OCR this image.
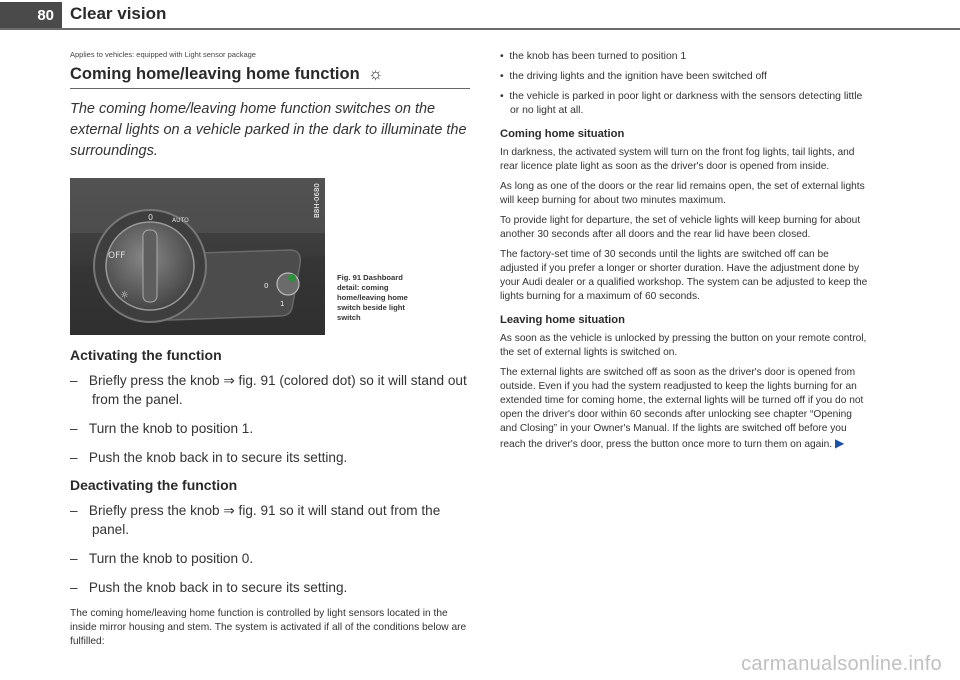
80 Clear vision
Applies to vehicles: equipped with Light sensor package
Coming home/leaving home function ☼
The coming home/leaving home function switches on the external lights on a vehicle parked in the dark to illuminate the surroundings.
0	AUTO
OFF
☼
0
1
B8H-0680
Fig. 91 Dashboard detail: coming home/leaving home switch beside light switch
Activating the function
–   Briefly press the knob ⇒ fig. 91 (colored dot) so it will stand out from the panel.
–   Turn the knob to position 1.
–   Push the knob back in to secure its setting.
Deactivating the function
–   Briefly press the knob ⇒ fig. 91 so it will stand out from the panel.
–   Turn the knob to position 0.
–   Push the knob back in to secure its setting.
The coming home/leaving home function is controlled by light sensors located in the inside mirror housing and stem. The system is activated if all of the conditions below are fulfilled:
•  the knob has been turned to position 1
•  the driving lights and the ignition have been switched off
•  the vehicle is parked in poor light or darkness with the sensors detecting little or no light at all.
Coming home situation
In darkness, the activated system will turn on the front fog lights, tail lights, and rear licence plate light as soon as the driver's door is opened from inside.
As long as one of the doors or the rear lid remains open, the set of external lights will keep burning for about two minutes maximum.
To provide light for departure, the set of vehicle lights will keep burning for about another 30 seconds after all doors and the rear lid have been closed.
The factory-set time of 30 seconds until the lights are switched off can be adjusted if you prefer a longer or shorter duration. Have the adjustment done by your Audi dealer or a qualified workshop. The system can be adjusted to keep the lights burning for a maximum of 60 seconds.
Leaving home situation
As soon as the vehicle is unlocked by pressing the button on your remote control, the set of external lights is switched on.
The external lights are switched off as soon as the driver's door is opened from outside. Even if you had the system readjusted to keep the lights burning for an extended time for coming home, the external lights will be turned off if you do not open the driver's door within 60 seconds after unlocking see chapter “Opening and Closing” in your Owner's Manual. If the lights are switched off before you reach the driver's door, press the button once more to turn them on again. ▶
carmanualsonline.info
